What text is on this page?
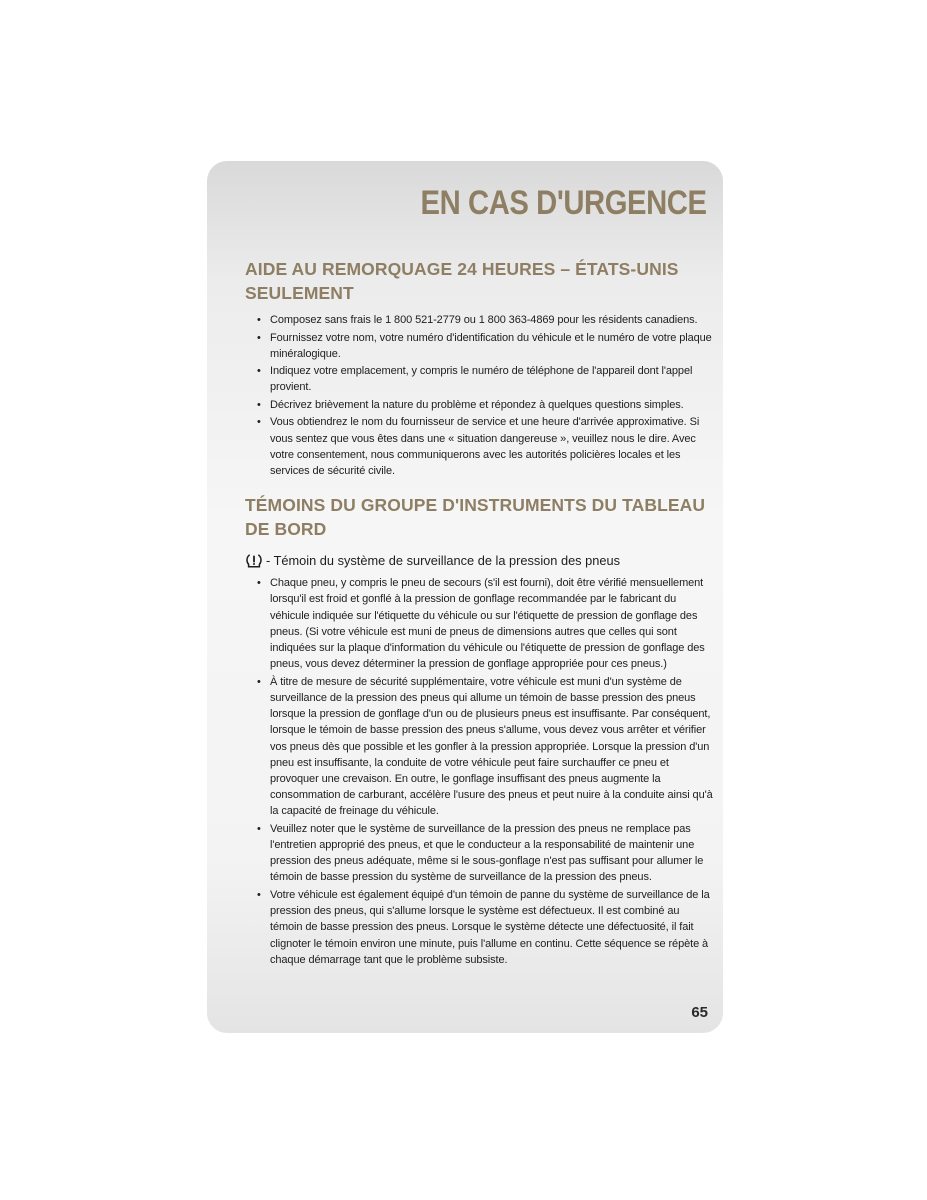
EN CAS D'URGENCE
AIDE AU REMORQUAGE 24 HEURES – ÉTATS-UNIS SEULEMENT
• Composez sans frais le 1 800 521-2779 ou 1 800 363-4869 pour les résidents canadiens.
• Fournissez votre nom, votre numéro d'identification du véhicule et le numéro de votre plaque minéralogique.
• Indiquez votre emplacement, y compris le numéro de téléphone de l'appareil dont l'appel provient.
• Décrivez brièvement la nature du problème et répondez à quelques questions simples.
• Vous obtiendrez le nom du fournisseur de service et une heure d'arrivée approximative. Si vous sentez que vous êtes dans une « situation dangereuse », veuillez nous le dire. Avec votre consentement, nous communiquerons avec les autorités policières locales et les services de sécurité civile.
TÉMOINS DU GROUPE D'INSTRUMENTS DU TABLEAU DE BORD
- Témoin du système de surveillance de la pression des pneus
• Chaque pneu, y compris le pneu de secours (s'il est fourni), doit être vérifié mensuellement lorsqu'il est froid et gonflé à la pression de gonflage recommandée par le fabricant du véhicule indiquée sur l'étiquette du véhicule ou sur l'étiquette de pression de gonflage des pneus. (Si votre véhicule est muni de pneus de dimensions autres que celles qui sont indiquées sur la plaque d'information du véhicule ou l'étiquette de pression de gonflage des pneus, vous devez déterminer la pression de gonflage appropriée pour ces pneus.)
• À titre de mesure de sécurité supplémentaire, votre véhicule est muni d'un système de surveillance de la pression des pneus qui allume un témoin de basse pression des pneus lorsque la pression de gonflage d'un ou de plusieurs pneus est insuffisante. Par conséquent, lorsque le témoin de basse pression des pneus s'allume, vous devez vous arrêter et vérifier vos pneus dès que possible et les gonfler à la pression appropriée. Lorsque la pression d'un pneu est insuffisante, la conduite de votre véhicule peut faire surchauffer ce pneu et provoquer une crevaison. En outre, le gonflage insuffisant des pneus augmente la consommation de carburant, accélère l'usure des pneus et peut nuire à la conduite ainsi qu'à la capacité de freinage du véhicule.
• Veuillez noter que le système de surveillance de la pression des pneus ne remplace pas l'entretien approprié des pneus, et que le conducteur a la responsabilité de maintenir une pression des pneus adéquate, même si le sous-gonflage n'est pas suffisant pour allumer le témoin de basse pression du système de surveillance de la pression des pneus.
• Votre véhicule est également équipé d'un témoin de panne du système de surveillance de la pression des pneus, qui s'allume lorsque le système est défectueux. Il est combiné au témoin de basse pression des pneus. Lorsque le système détecte une défectuosité, il fait clignoter le témoin environ une minute, puis l'allume en continu. Cette séquence se répète à chaque démarrage tant que le problème subsiste.
65
